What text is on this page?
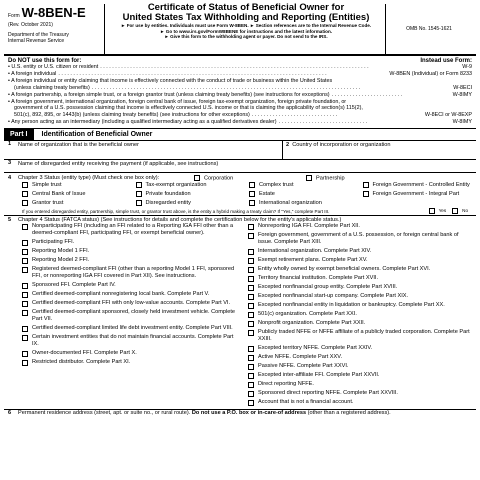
Form W-8BEN-E
(Rev. October 2021)
Department of the Treasury
Internal Revenue Service
Certificate of Status of Beneficial Owner for
United States Tax Withholding and Reporting (Entities)
► For use by entities. Individuals must use Form W-8BEN. ► Section references are to the Internal Revenue Code.
► Go to www.irs.gov/FormW8BENE for instructions and the latest information.
► Give this form to the withholding agent or payer. Do not send to the IRS.
OMB No. 1545-1621
Do NOT use this form for:	Instead use Form:
• U.S. entity or U.S. citizen or resident ..........................................................................................	W-9
• A foreign individual ..........................................................................................	W-8BEN (Individual) or Form 8233
• A foreign individual or entity claiming that income is effectively connected with the conduct of trade or business within the United States
(unless claiming treaty benefits) ..........................................................................................	W-8ECI
• A foreign partnership, a foreign simple trust, or a foreign grantor trust (unless claiming treaty benefits) (see instructions for exceptions) ........................	W-8IMY
• A foreign government, international organization, foreign central bank of issue, foreign tax-exempt organization, foreign private foundation, or
government of a U.S. possession claiming that income is effectively connected U.S. income or that is claiming the applicability of section(s) 115(2),
501(c), 892, 895, or 1443(b) (unless claiming treaty benefits) (see instructions for other exceptions) .............................	W-8ECI or W-8EXP
• Any person acting as an intermediary (including a qualified intermediary acting as a qualified derivatives dealer) ..............................	W-8IMY
Part I	Identification of Beneficial Owner
1	Name of organization that is the beneficial owner	2 Country of incorporation or organization
3	Name of disregarded entity receiving the payment (if applicable, see instructions)
4	Chapter 3 Status (entity type) (Must check one box only):	Corporation	Partnership
Simple trust	Tax-exempt organization	Complex trust	Foreign Government - Controlled Entity
Central Bank of Issue	Private foundation	Estate	Foreign Government - Integral Part
Grantor trust	Disregarded entity	International organization
If you entered disregarded entity, partnership, simple trust, or grantor trust above, is the entity a hybrid making a treaty claim? If "Yes," complete Part III.	Yes	No
5	Chapter 4 Status (FATCA status) (See instructions for details and complete the certification below for the entity's applicable status.)
Nonparticipating FFI (including an FFI related to a Reporting IGA FFI other than a deemed-compliant FFI, participating FFI, or exempt beneficial owner).
Participating FFI.
Reporting Model 1 FFI.
Reporting Model 2 FFI.
Registered deemed-compliant FFI (other than a reporting Model 1 FFI, sponsored FFI, or nonreporting IGA FFI covered in Part XII). See instructions.
Sponsored FFI. Complete Part IV.
Certified deemed-compliant nonregistering local bank. Complete Part V.
Certified deemed-compliant FFI with only low-value accounts. Complete Part VI.
Certified deemed-compliant sponsored, closely held investment vehicle. Complete Part VII.
Certified deemed-compliant limited life debt investment entity. Complete Part VIII.
Certain investment entities that do not maintain financial accounts. Complete Part IX.
Owner-documented FFI. Complete Part X.
Restricted distributor. Complete Part XI.
Nonreporting IGA FFI. Complete Part XII.
Foreign government, government of a U.S. possession, or foreign central bank of issue. Complete Part XIII.
International organization. Complete Part XIV.
Exempt retirement plans. Complete Part XV.
Entity wholly owned by exempt beneficial owners. Complete Part XVI.
Territory financial institution. Complete Part XVII.
Excepted nonfinancial group entity. Complete Part XVIII.
Excepted nonfinancial start-up company. Complete Part XIX.
Excepted nonfinancial entity in liquidation or bankruptcy. Complete Part XX.
501(c) organization. Complete Part XXI.
Nonprofit organization. Complete Part XXII.
Publicly traded NFFE or NFFE affiliate of a publicly traded corporation. Complete Part XXIII.
Excepted territory NFFE. Complete Part XXIV.
Active NFFE. Complete Part XXV.
Passive NFFE. Complete Part XXVI.
Excepted inter-affiliate FFI. Complete Part XXVII.
Direct reporting NFFE.
Sponsored direct reporting NFFE. Complete Part XXVIII.
Account that is not a financial account.
6	Permanent residence address (street, apt. or suite no., or rural route). Do not use a P.O. box or in-care-of address (other than a registered address).
